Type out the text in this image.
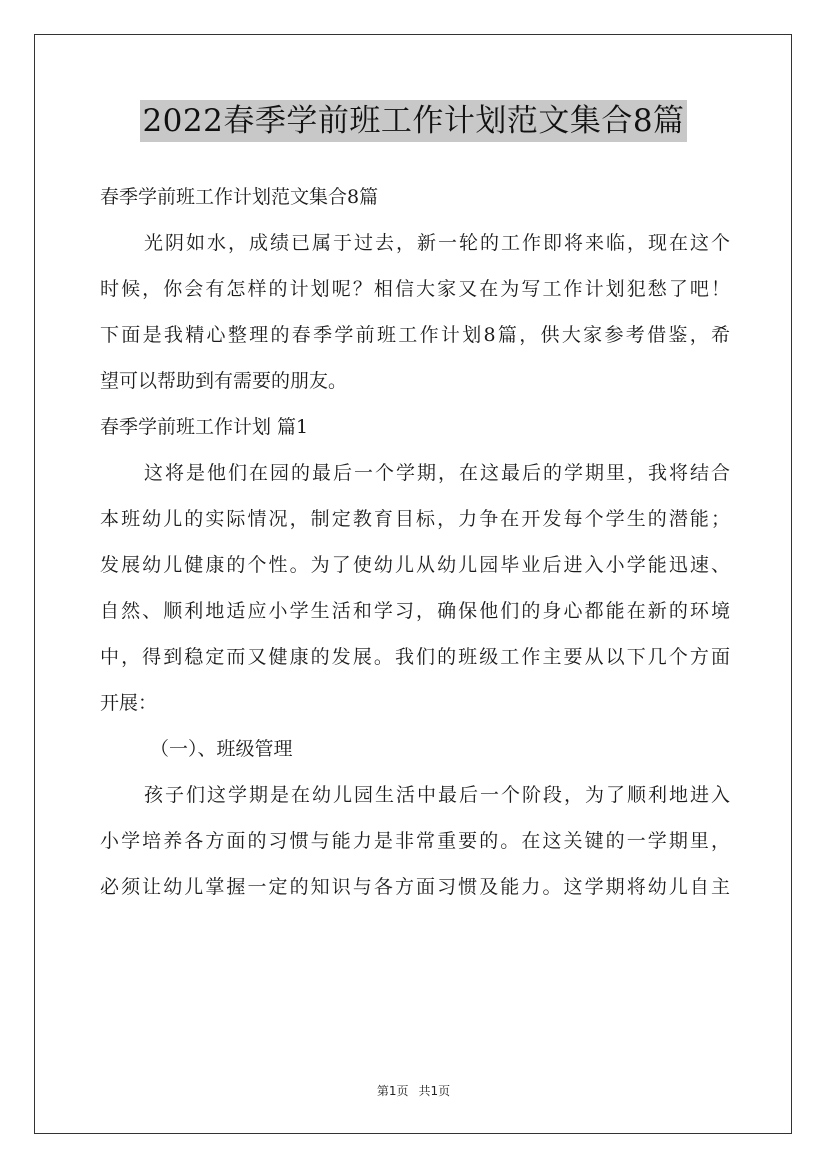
2022春季学前班工作计划范文集合8篇
春季学前班工作计划范文集合8篇
光阴如水，成绩已属于过去，新一轮的工作即将来临，现在这个
时候，你会有怎样的计划呢？相信大家又在为写工作计划犯愁了吧！
下面是我精心整理的春季学前班工作计划8篇，供大家参考借鉴，希
望可以帮助到有需要的朋友。
春季学前班工作计划 篇1
这将是他们在园的最后一个学期，在这最后的学期里，我将结合
本班幼儿的实际情况，制定教育目标，力争在开发每个学生的潜能；
发展幼儿健康的个性。为了使幼儿从幼儿园毕业后进入小学能迅速、
自然、顺利地适应小学生活和学习，确保他们的身心都能在新的环境
中，得到稳定而又健康的发展。我们的班级工作主要从以下几个方面
开展：
（一）、班级管理
孩子们这学期是在幼儿园生活中最后一个阶段，为了顺利地进入
小学培养各方面的习惯与能力是非常重要的。在这关键的一学期里，
必须让幼儿掌握一定的知识与各方面习惯及能力。这学期将幼儿自主
第1页 共1页
